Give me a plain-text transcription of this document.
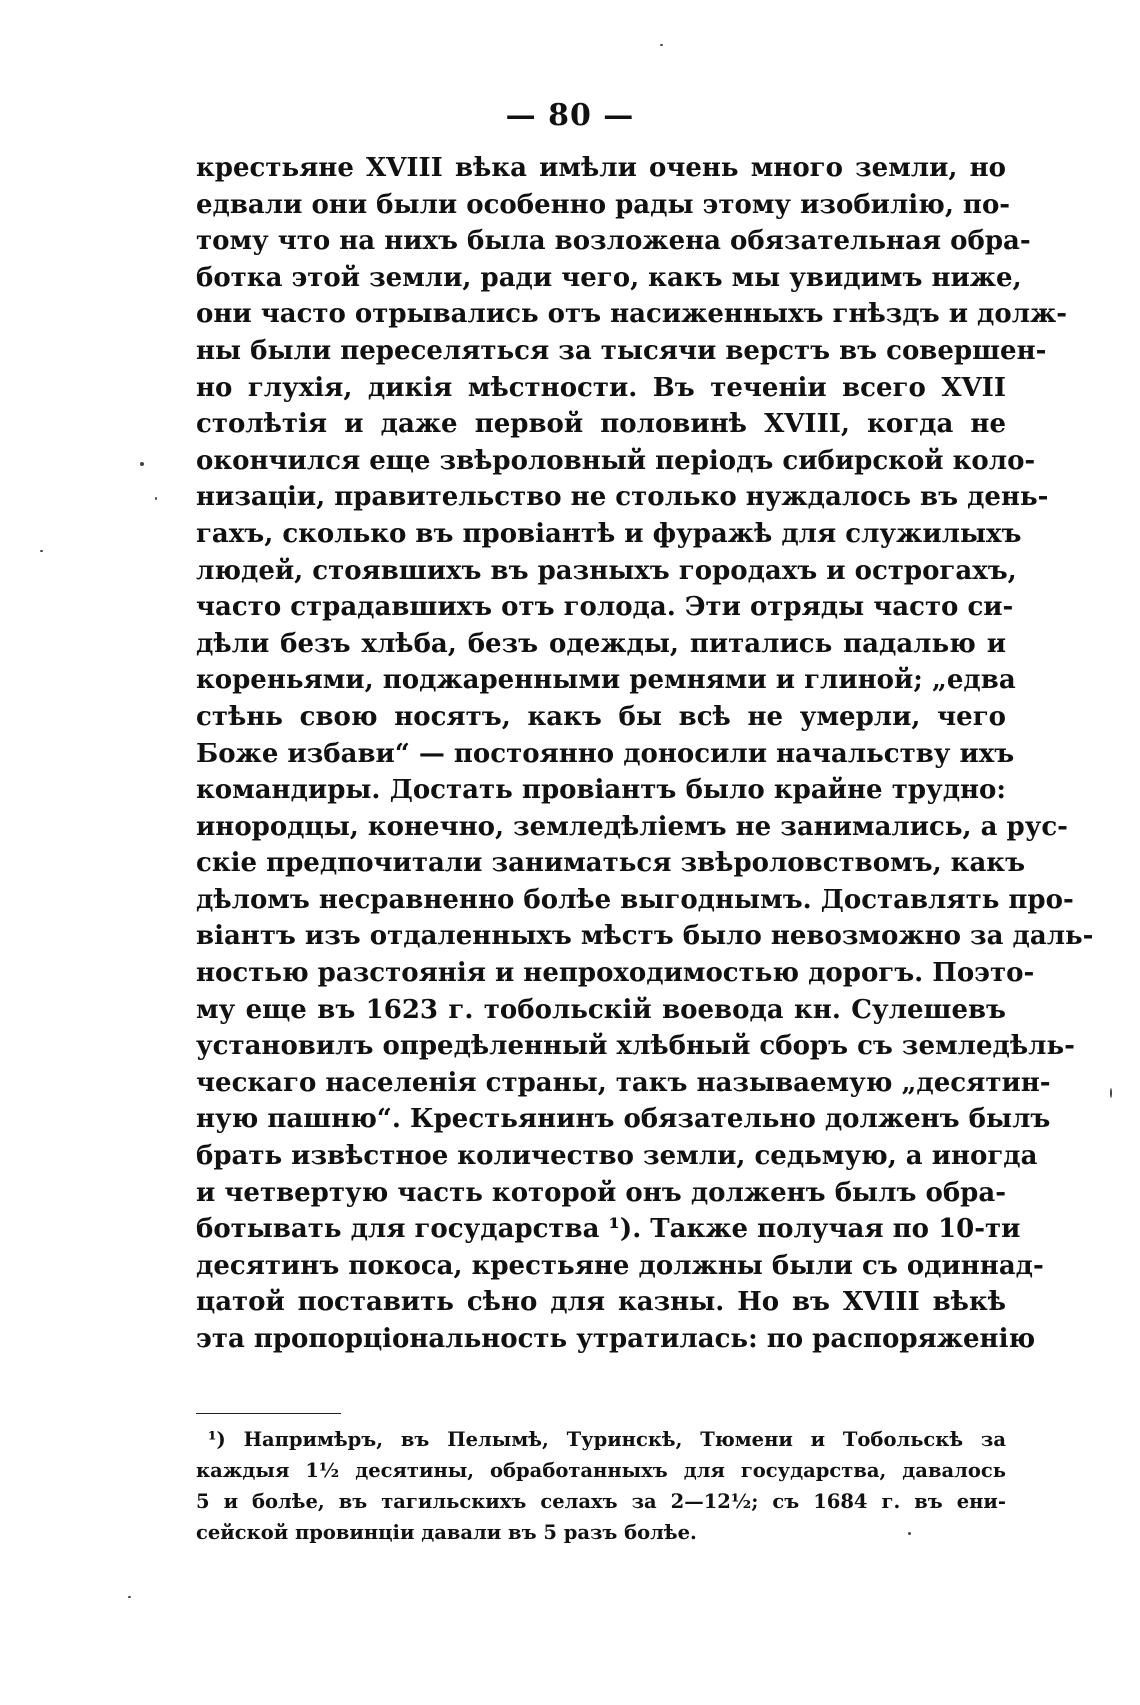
— 80 —
крестьяне XVIII вѣка имѣли очень много земли, но
едвали они были особенно рады этому изобилію, по-
тому что на нихъ была возложена обязательная обра-
ботка этой земли, ради чего, какъ мы увидимъ ниже,
они часто отрывались отъ насиженныхъ гнѣздъ и долж-
ны были переселяться за тысячи верстъ въ совершен-
но глухія, дикія мѣстности. Въ теченіи всего XVII
столѣтія и даже первой половинѣ XVIII, когда не
окончился еще звѣроловный періодъ сибирской коло-
низаціи, правительство не столько нуждалось въ день-
гахъ, сколько въ провіантѣ и фуражѣ для служилыхъ
людей, стоявшихъ въ разныхъ городахъ и острогахъ,
часто страдавшихъ отъ голода. Эти отряды часто си-
дѣли безъ хлѣба, безъ одежды, питались падалью и
кореньями, поджаренными ремнями и глиной; „едва
стѣнь свою носятъ, какъ бы всѣ не умерли, чего
Боже избави“ — постоянно доносили начальству ихъ
командиры. Достать провіантъ было крайне трудно:
инородцы, конечно, земледѣліемъ не занимались, а рус-
скіе предпочитали заниматься звѣроловствомъ, какъ
дѣломъ несравненно болѣе выгоднымъ. Доставлять про-
віантъ изъ отдаленныхъ мѣстъ было невозможно за даль-
ностью разстоянія и непроходимостью дорогъ. Поэто-
му еще въ 1623 г. тобольскій воевода кн. Сулешевъ
установилъ опредѣленный хлѣбный сборъ съ земледѣль-
ческаго населенія страны, такъ называемую „десятин-
ную пашню“. Крестьянинъ обязательно долженъ былъ
брать извѣстное количество земли, седьмую, а иногда
и четвертую часть которой онъ долженъ былъ обра-
ботывать для государства ¹). Также получая по 10-ти
десятинъ покоса, крестьяне должны были съ одиннад-
цатой поставить сѣно для казны. Но въ XVIII вѣкѣ
эта пропорціональность утратилась: по распоряженію
¹) Напримѣръ, въ Пелымѣ, Туринскѣ, Тюмени и Тобольскѣ за
каждыя 1½ десятины, обработанныхъ для государства, давалось
5 и болѣе, въ тагильскихъ селахъ за 2—12½; съ 1684 г. въ ени-
сейской провинціи давали въ 5 разъ болѣе.
